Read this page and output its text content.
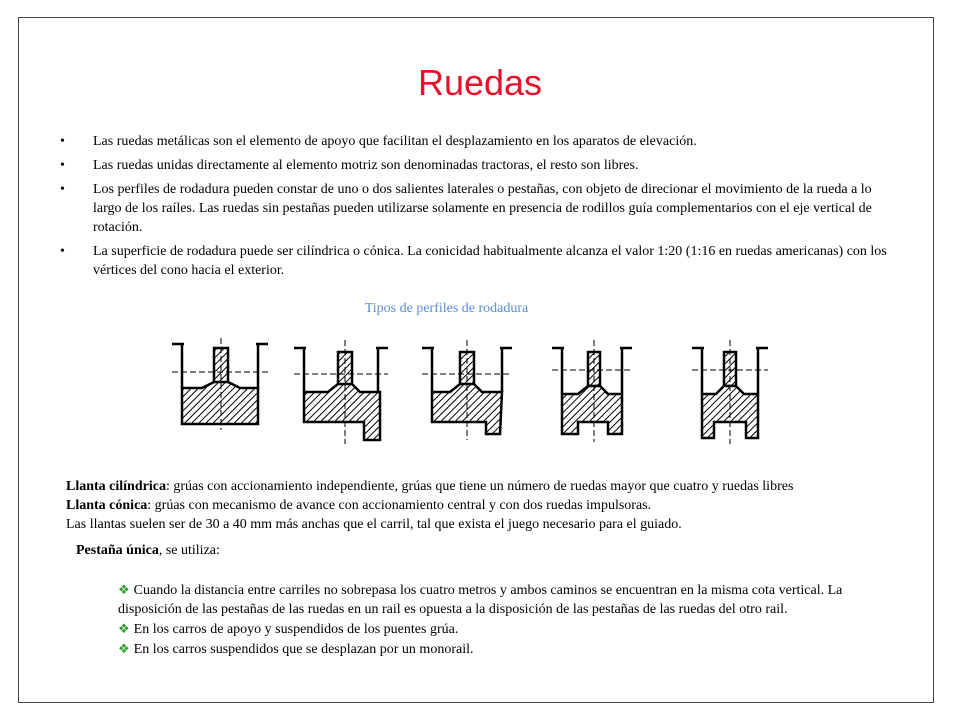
Ruedas
• Las ruedas metálicas son el elemento de apoyo que facilitan el desplazamiento en los aparatos de elevación.
• Las ruedas unidas directamente al elemento motriz son denominadas tractoras, el resto son libres.
• Los perfiles de rodadura pueden constar de uno o dos salientes laterales o pestañas, con objeto de direcionar el movimiento de la rueda a lo largo de los raíles. Las ruedas sin pestañas pueden utilizarse solamente en presencia de rodillos guía complementarios con el eje vertical de rotación.
• La superficie de rodadura puede ser cilíndrica o cónica. La conicidad habitualmente alcanza el valor 1:20 (1:16 en ruedas americanas) con los vértices del cono hacia el exterior.
Tipos de perfiles de rodadura

Llanta cilíndrica: grúas con accionamiento independiente, grúas que tiene un número de ruedas mayor que cuatro y ruedas libres

Llanta cónica: grúas con mecanismo de avance con accionamiento central y con dos ruedas impulsoras.

Las llantas suelen ser de 30 a 40 mm más anchas que el carril, tal que exista el juego necesario para el guiado.

Pestaña única, se utiliza:

❖ Cuando la distancia entre carriles no sobrepasa los cuatro metros y ambos caminos se encuentran en la misma cota vertical. La disposición de las pestañas de las ruedas en un rail es opuesta a la disposición de las pestañas de las ruedas del otro rail.
❖ En los carros de apoyo y suspendidos de los puentes grúa.
❖ En los carros suspendidos que se desplazan por un monorail.
